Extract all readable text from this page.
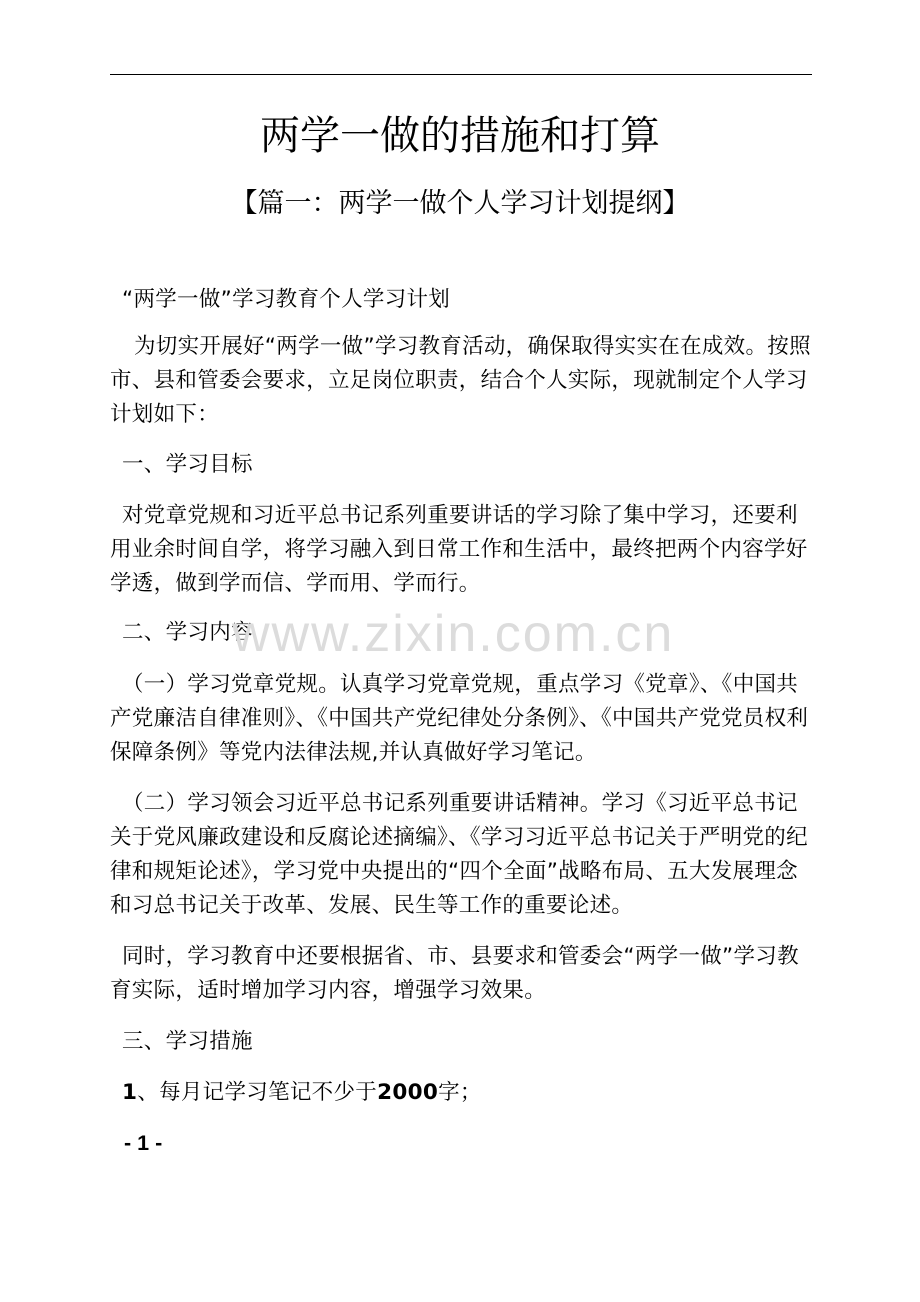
两学一做的措施和打算
【篇一：两学一做个人学习计划提纲】
“两学一做”学习教育个人学习计划
为切实开展好“两学一做”学习教育活动，确保取得实实在在成效。按照市、县和管委会要求，立足岗位职责，结合个人实际，现就制定个人学习计划如下：
一、学习目标
对党章党规和习近平总书记系列重要讲话的学习除了集中学习，还要利用业余时间自学，将学习融入到日常工作和生活中，最终把两个内容学好学透，做到学而信、学而用、学而行。
二、学习内容
（一）学习党章党规。认真学习党章党规，重点学习《党章》、《中国共产党廉洁自律准则》、《中国共产党纪律处分条例》、《中国共产党党员权利保障条例》等党内法律法规,并认真做好学习笔记。
（二）学习领会习近平总书记系列重要讲话精神。学习《习近平总书记关于党风廉政建设和反腐论述摘编》、《学习习近平总书记关于严明党的纪律和规矩论述》，学习党中央提出的“四个全面”战略布局、五大发展理念和习总书记关于改革、发展、民生等工作的重要论述。
同时，学习教育中还要根据省、市、县要求和管委会“两学一做”学习教育实际，适时增加学习内容，增强学习效果。
三、学习措施
1、每月记学习笔记不少于2000字；
www.zixin.com.cn
- 1 -
